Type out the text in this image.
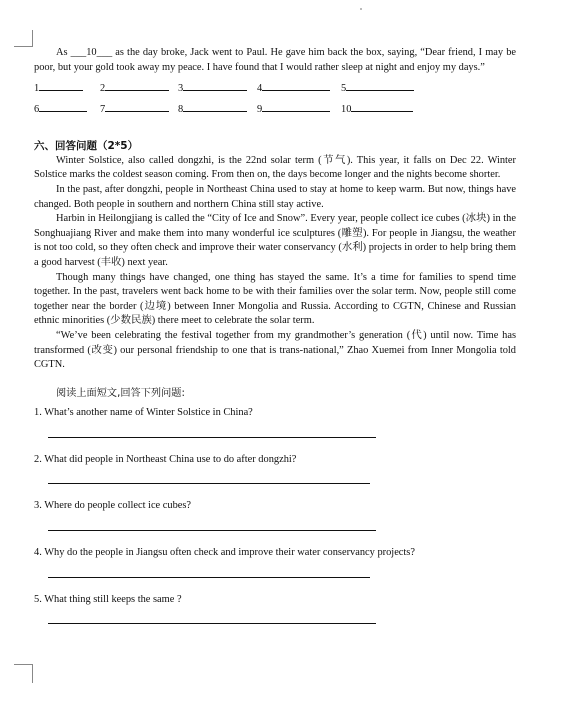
As ___10___ as the day broke, Jack went to Paul. He gave him back the box, saying, “Dear friend, I may be poor, but your gold took away my peace. I have found that I would rather sleep at night and enjoy my days.”

1	2	3	4	5
6	7	8	9	10
六、回答问题（2*5）

Winter Solstice, also called dongzhi, is the 22nd solar term (节气). This year, it falls on Dec 22. Winter Solstice marks the coldest season coming. From then on, the days become longer and the nights become shorter.

In the past, after dongzhi, people in Northeast China used to stay at home to keep warm. But now, things have changed. Both people in southern and northern China still stay active.

Harbin in Heilongjiang is called the “City of Ice and Snow”. Every year, people collect ice cubes (冰块) in the Songhuajiang River and make them into many wonderful ice sculptures (雕塑). For people in Jiangsu, the weather is not too cold, so they often check and improve their water conservancy (水利) projects in order to help bring them a good harvest (丰收) next year.

Though many things have changed, one thing has stayed the same. It’s a time for families to spend time together. In the past, travelers went back home to be with their families over the solar term. Now, people still come together near the border (边境) between Inner Mongolia and Russia. According to CGTN, Chinese and Russian ethnic minorities (少数民族) there meet to celebrate the solar term.

“We’ve been celebrating the festival together from my grandmother’s generation (代) until now. Time has transformed (改变) our personal friendship to one that is trans-national,” Zhao Xuemei from Inner Mongolia told CGTN.

阅读上面短文,回答下列问题:
1. What’s another name of Winter Solstice in China?
2. What did people in Northeast China use to do after dongzhi?
3. Where do people collect ice cubes?
4. Why do the people in Jiangsu often check and improve their water conservancy projects?
5. What thing still keeps the same ?
